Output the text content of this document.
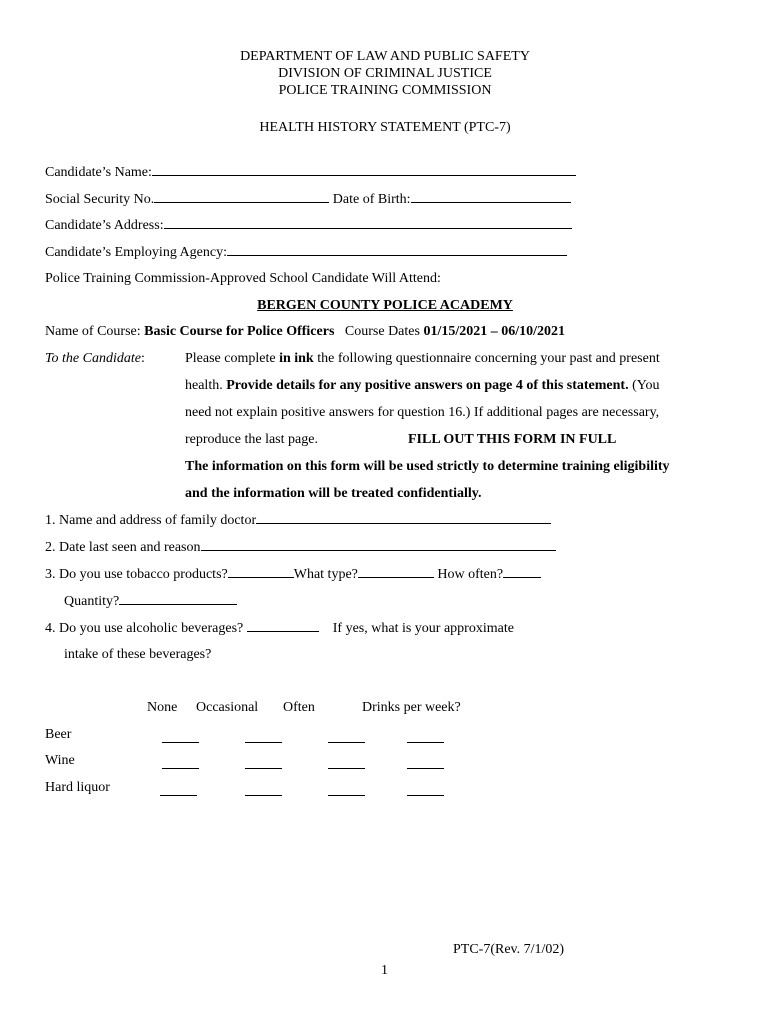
DEPARTMENT OF LAW AND PUBLIC SAFETY
DIVISION OF CRIMINAL JUSTICE
POLICE TRAINING COMMISSION
HEALTH HISTORY STATEMENT (PTC-7)
Candidate’s Name:
Social Security No.	Date of Birth:
Candidate’s Address:
Candidate’s Employing Agency:
Police Training Commission-Approved School Candidate Will Attend:
BERGEN COUNTY POLICE ACADEMY
Name of Course: Basic Course for Police Officers Course Dates 01/15/2021 – 06/10/2021
To the Candidate:	Please complete in ink the following questionnaire concerning your past and present
health. Provide details for any positive answers on page 4 of this statement. (You
need not explain positive answers for question 16.) If additional pages are necessary,
reproduce the last page.	FILL OUT THIS FORM IN FULL
The information on this form will be used strictly to determine training eligibility
and the information will be treated confidentially.
1. Name and address of family doctor
2. Date last seen and reason
3. Do you use tobacco products?	What type?	How often?
Quantity?
4. Do you use alcoholic beverages?	If yes, what is your approximate
intake of these beverages?
None Occasional Often	Drinks per week?
Beer
Wine
Hard liquor
PTC-7(Rev. 7/1/02)
1
